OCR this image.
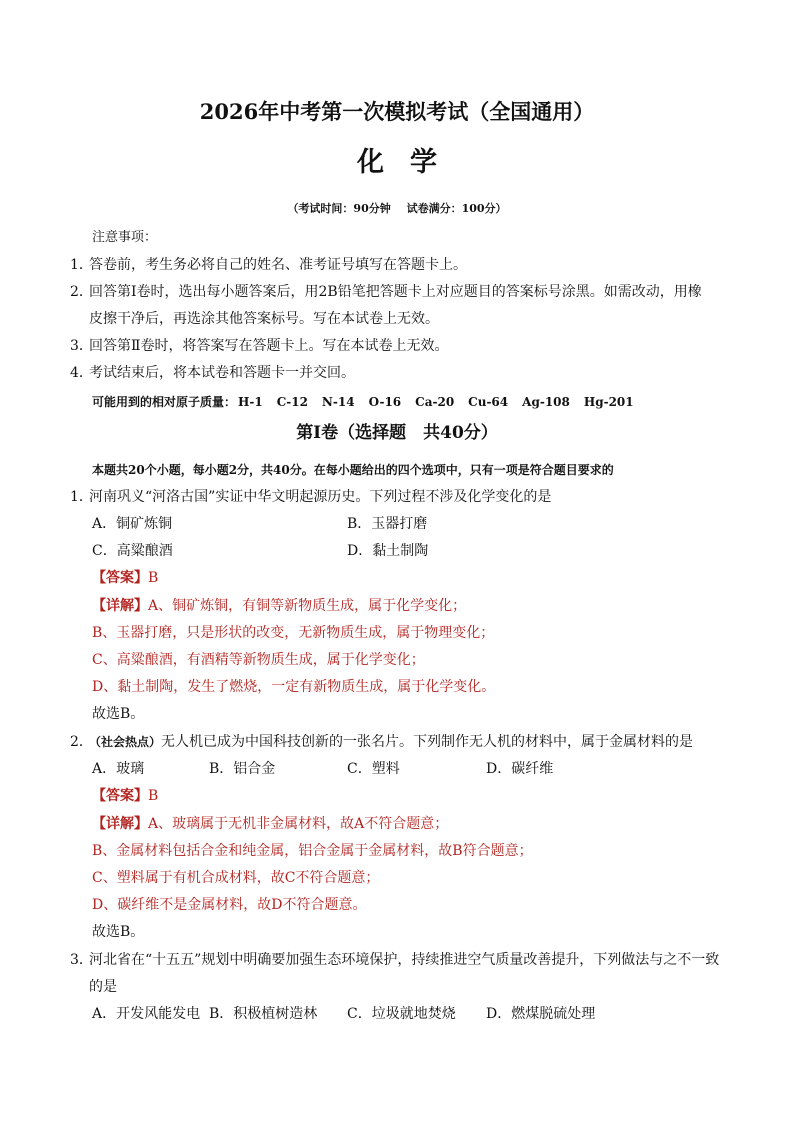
2026年中考第一次模拟考试（全国通用）
化学
（考试时间：90分钟 试卷满分：100分）
注意事项：
1．答卷前，考生务必将自己的姓名、准考证号填写在答题卡上。
2．回答第Ⅰ卷时，选出每小题答案后，用2B铅笔把答题卡上对应题目的答案标号涂黑。如需改动，用橡
皮擦干净后，再选涂其他答案标号。写在本试卷上无效。
3．回答第Ⅱ卷时，将答案写在答题卡上。写在本试卷上无效。
4．考试结束后，将本试卷和答题卡一并交回。
可能用到的相对原子质量： H-1 C-12 N-14 O-16 Ca-20 Cu-64 Ag-108 Hg-201
第Ⅰ卷（选择题　共40分）
本题共20个小题，每小题2分，共40分。在每小题给出的四个选项中，只有一项是符合题目要求的
1．河南巩义“河洛古国”实证中华文明起源历史。下列过程不涉及化学变化的是
A．铜矿炼铜	B．玉器打磨
C．高粱酿酒	D．黏土制陶
【答案】B
【详解】A、铜矿炼铜，有铜等新物质生成，属于化学变化；
B、玉器打磨，只是形状的改变，无新物质生成，属于物理变化；
C、高粱酿酒，有酒精等新物质生成，属于化学变化；
D、黏土制陶，发生了燃烧，一定有新物质生成，属于化学变化。
故选B。
2．（社会热点）无人机已成为中国科技创新的一张名片。下列制作无人机的材料中，属于金属材料的是
A．玻璃	B．铝合金	C．塑料	D．碳纤维
【答案】B
【详解】A、玻璃属于无机非金属材料，故A不符合题意；
B、金属材料包括合金和纯金属，铝合金属于金属材料，故B符合题意；
C、塑料属于有机合成材料，故C不符合题意；
D、碳纤维不是金属材料，故D不符合题意。
故选B。
3．河北省在“十五五”规划中明确要加强生态环境保护，持续推进空气质量改善提升，下列做法与之不一致
的是
A．开发风能发电 B．积极植树造林 C．垃圾就地焚烧 D．燃煤脱硫处理
